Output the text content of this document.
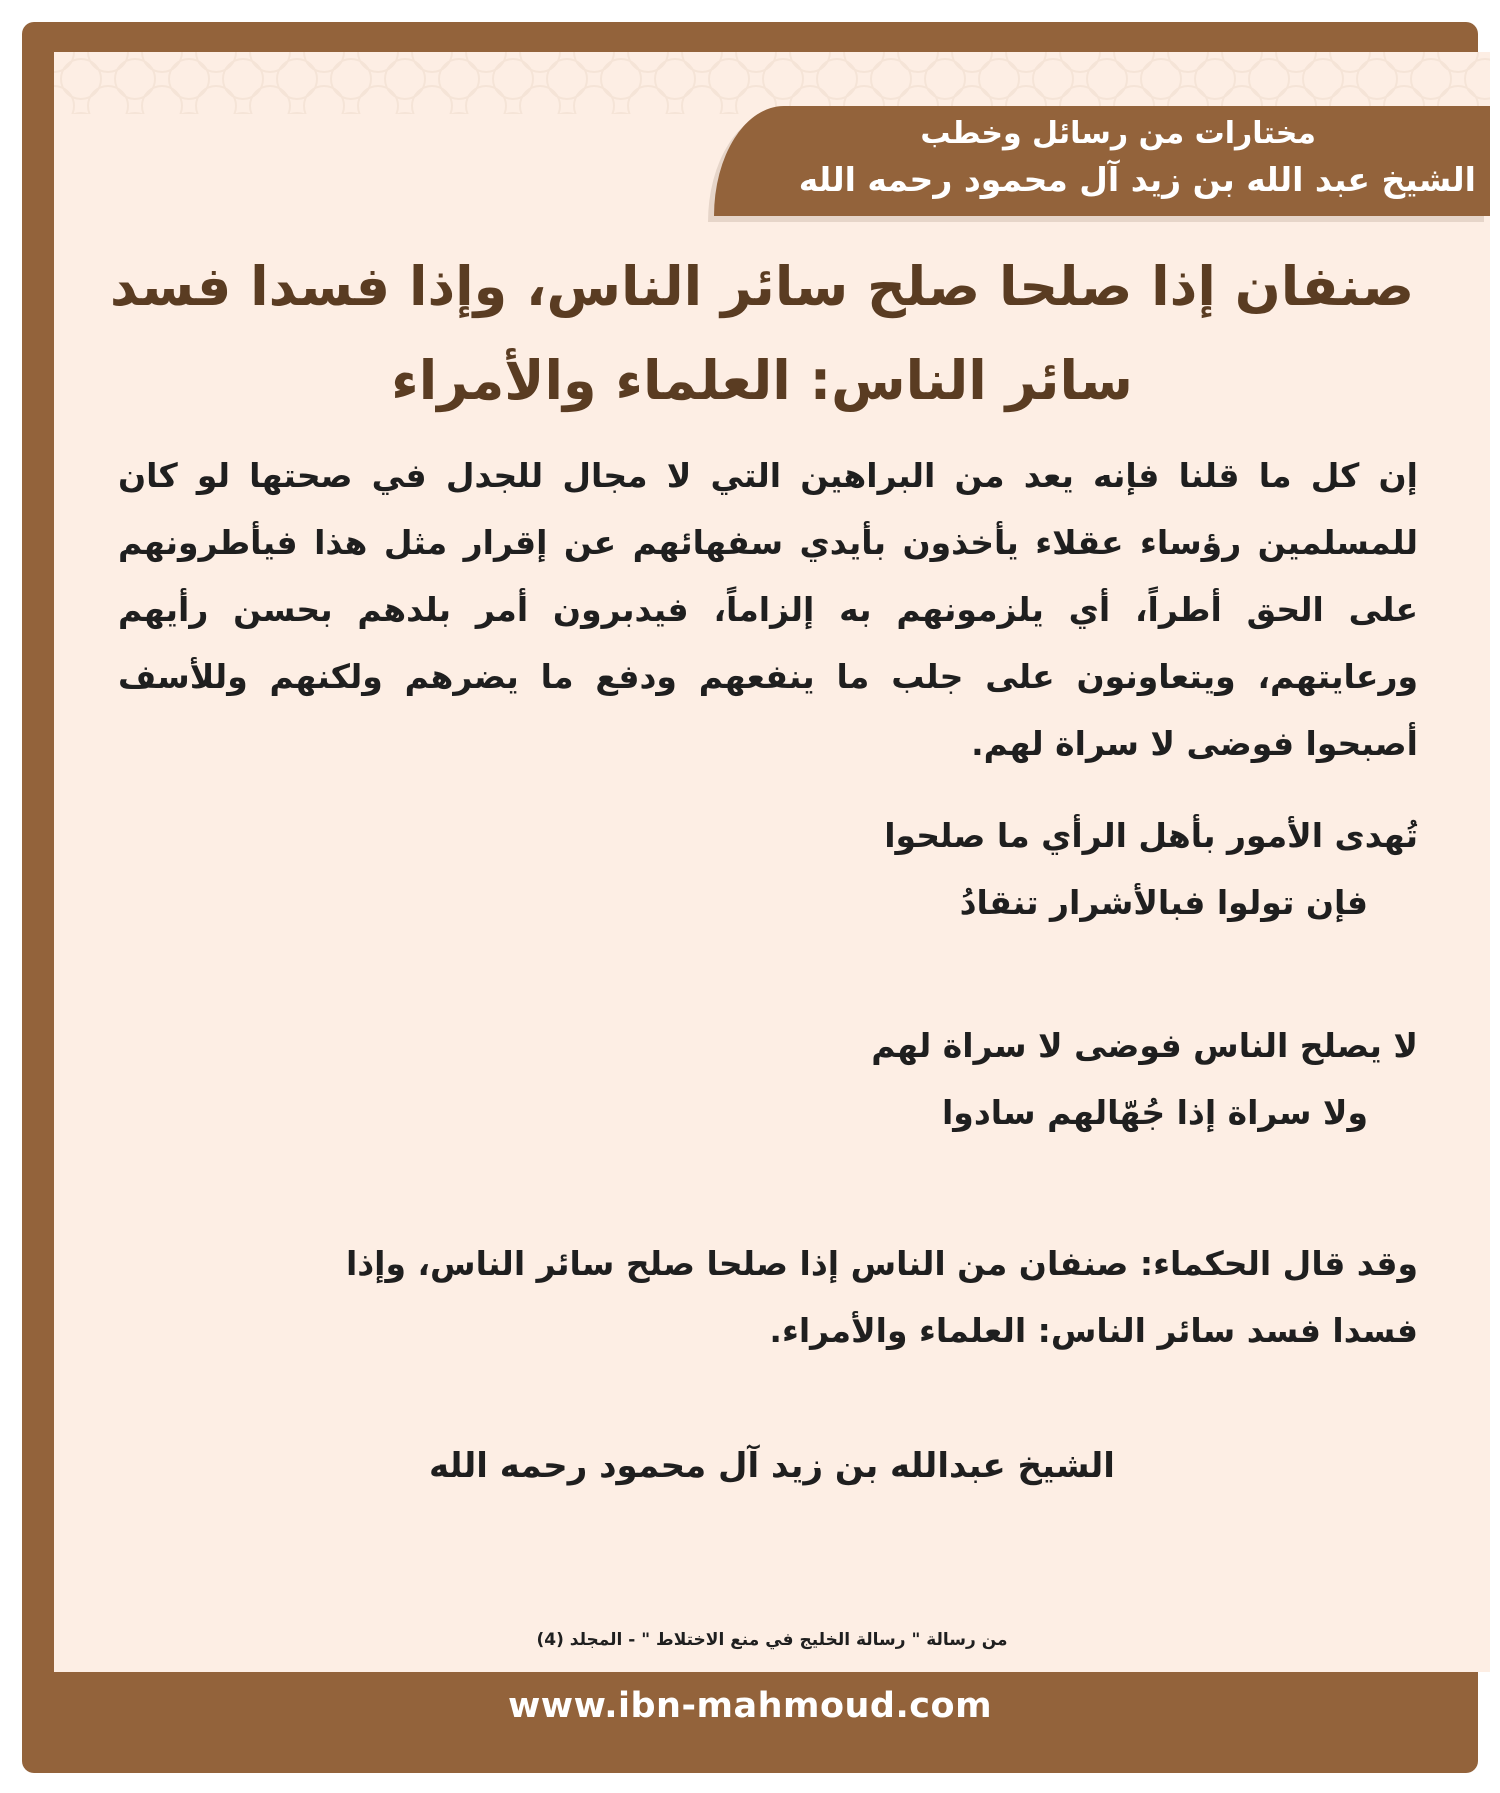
مختارات من رسائل وخطب
الشيخ عبد الله بن زيد آل محمود رحمه الله
صنفان إذا صلحا صلح سائر الناس، وإذا فسدا فسد سائر الناس: العلماء والأمراء
إن كل ما قلنا فإنه يعد من البراهين التي لا مجال للجدل في صحتها لو كان للمسلمين رؤساء عقلاء يأخذون بأيدي سفهائهم عن إقرار مثل هذا فيأطرونهم على الحق أطراً، أي يلزمونهم به إلزاماً، فيدبرون أمر بلدهم بحسن رأيهم ورعايتهم، ويتعاونون على جلب ما ينفعهم ودفع ما يضرهم ولكنهم وللأسف أصبحوا فوضى لا سراة لهم.
تُهدى الأمور بأهل الرأي ما صلحوا
فإن تولوا فبالأشرار تنقادُ
لا يصلح الناس فوضى لا سراة لهم
ولا سراة إذا جُهّالهم سادوا
وقد قال الحكماء: صنفان من الناس إذا صلحا صلح سائر الناس، وإذا
فسدا فسد سائر الناس: العلماء والأمراء.
الشيخ عبدالله بن زيد آل محمود رحمه الله
من رسالة " رسالة الخليج في منع الاختلاط " - المجلد (4)
www.ibn-mahmoud.com
